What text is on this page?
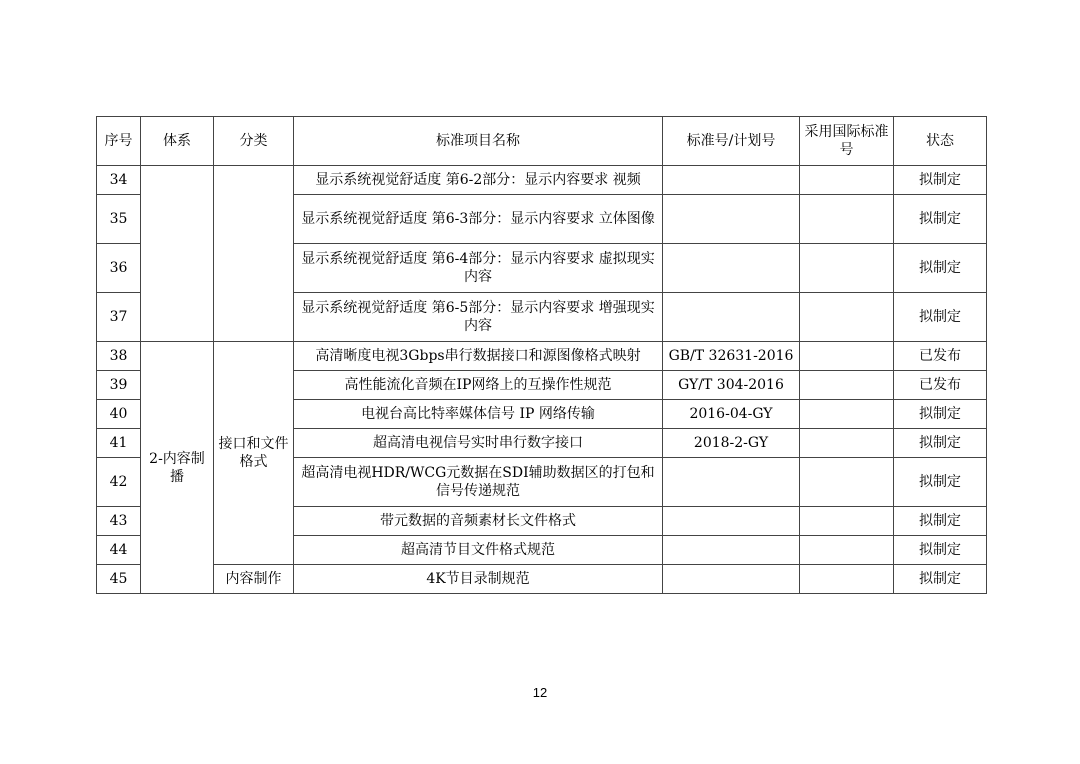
序号	体系	分类	标准项目名称	标准号/计划号	采用国际标准号	状态
34			显示系统视觉舒适度 第6-2部分：显示内容要求 视频			拟制定
35			显示系统视觉舒适度 第6-3部分：显示内容要求 立体图像			拟制定
36			显示系统视觉舒适度 第6-4部分：显示内容要求 虚拟现实内容			拟制定
37			显示系统视觉舒适度 第6-5部分：显示内容要求 增强现实内容			拟制定
38	2-内容制播	接口和文件格式	高清晰度电视3Gbps串行数据接口和源图像格式映射	GB/T 32631-2016		已发布
39			高性能流化音频在IP网络上的互操作性规范	GY/T 304-2016		已发布
40			电视台高比特率媒体信号 IP 网络传输	2016-04-GY		拟制定
41			超高清电视信号实时串行数字接口	2018-2-GY		拟制定
42			超高清电视HDR/WCG元数据在SDI辅助数据区的打包和信号传递规范			拟制定
43			带元数据的音频素材长文件格式			拟制定
44			超高清节目文件格式规范			拟制定
45		内容制作	4K节目录制规范			拟制定
12
